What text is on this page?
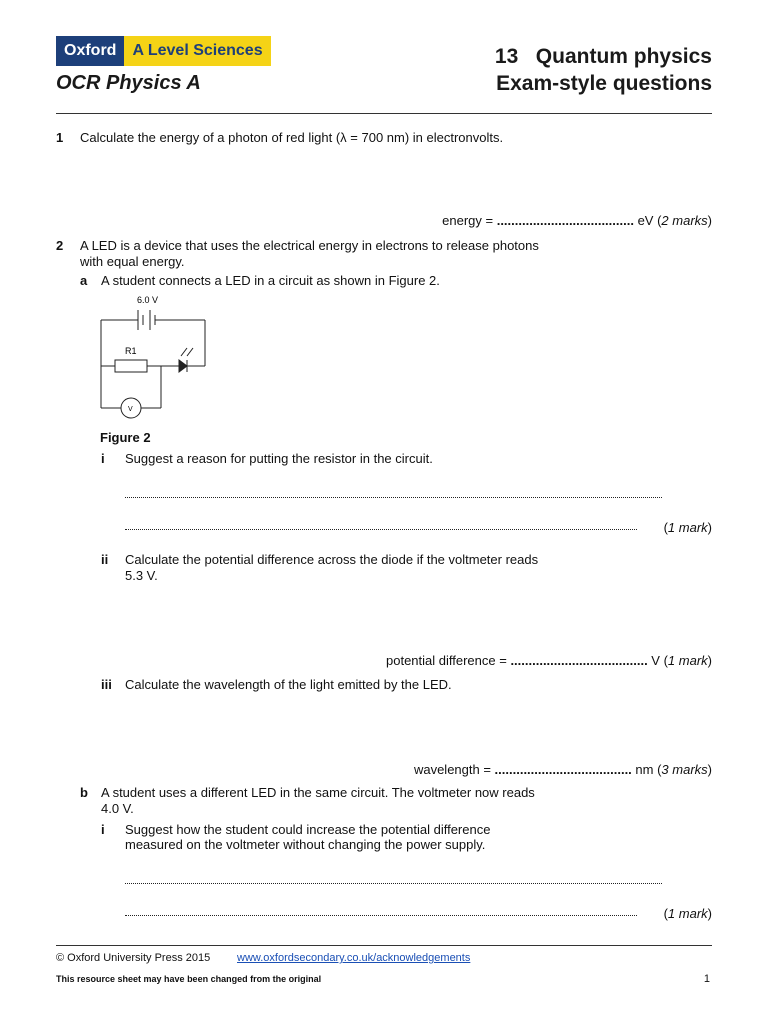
Oxford	A Level Sciences
OCR Physics A
13   Quantum physics
Exam-style questions
1 Calculate the energy of a photon of red light (λ = 700 nm) in electronvolts.
energy = ...................................... eV (2 marks)
2 A LED is a device that uses the electrical energy in electrons to release photons
with equal energy.
a A student connects a LED in a circuit as shown in Figure 2.
6.0 V
R1
V
Figure 2
i Suggest a reason for putting the resistor in the circuit.
(1 mark)
ii Calculate the potential difference across the diode if the voltmeter reads
5.3 V.
potential difference = ...................................... V (1 mark)
iii Calculate the wavelength of the light emitted by the LED.
wavelength = ...................................... nm (3 marks)
b A student uses a different LED in the same circuit. The voltmeter now reads
4.0 V.
i Suggest how the student could increase the potential difference
measured on the voltmeter without changing the power supply.
(1 mark)
© Oxford University Press 2015 www.oxfordsecondary.co.uk/acknowledgements
This resource sheet may have been changed from the original	1
